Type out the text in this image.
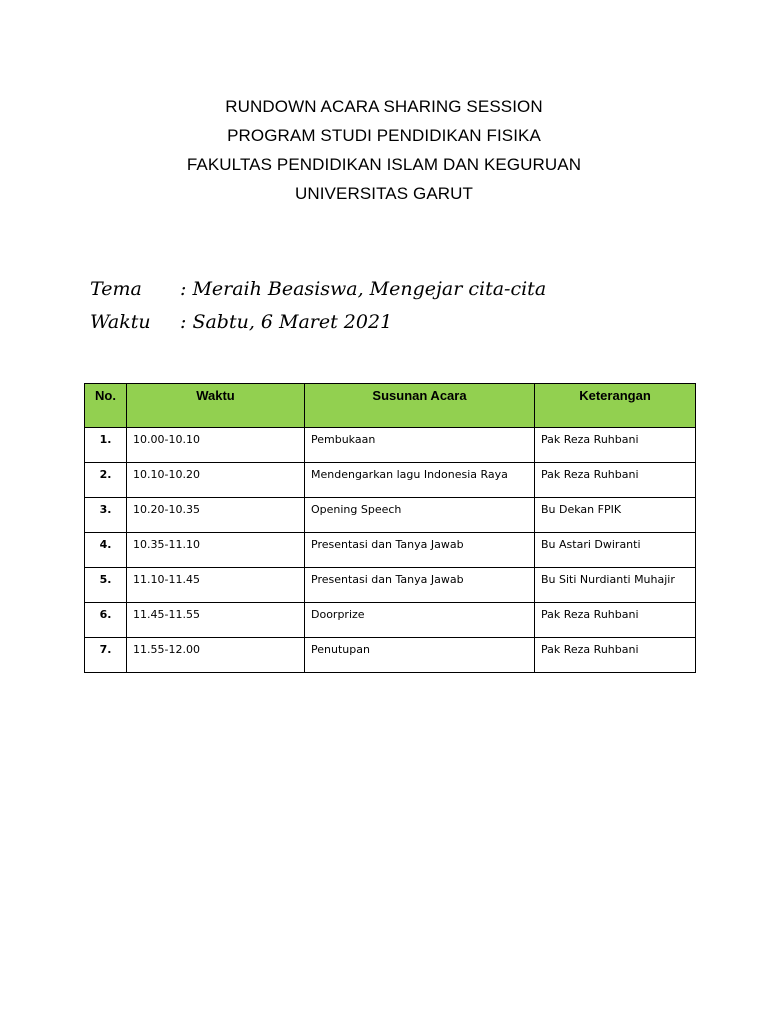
RUNDOWN ACARA SHARING SESSION
PROGRAM STUDI PENDIDIKAN FISIKA
FAKULTAS PENDIDIKAN ISLAM DAN KEGURUAN
UNIVERSITAS GARUT
Tema : Meraih Beasiswa, Mengejar cita-cita
Waktu : Sabtu, 6 Maret 2021
No.	Waktu	Susunan Acara	Keterangan
1.	10.00-10.10	Pembukaan	Pak Reza Ruhbani
2.	10.10-10.20	Mendengarkan lagu Indonesia Raya	Pak Reza Ruhbani
3.	10.20-10.35	Opening Speech	Bu Dekan FPIK
4.	10.35-11.10	Presentasi dan Tanya Jawab	Bu Astari Dwiranti
5.	11.10-11.45	Presentasi dan Tanya Jawab	Bu Siti Nurdianti Muhajir
6.	11.45-11.55	Doorprize	Pak Reza Ruhbani
7.	11.55-12.00	Penutupan	Pak Reza Ruhbani
